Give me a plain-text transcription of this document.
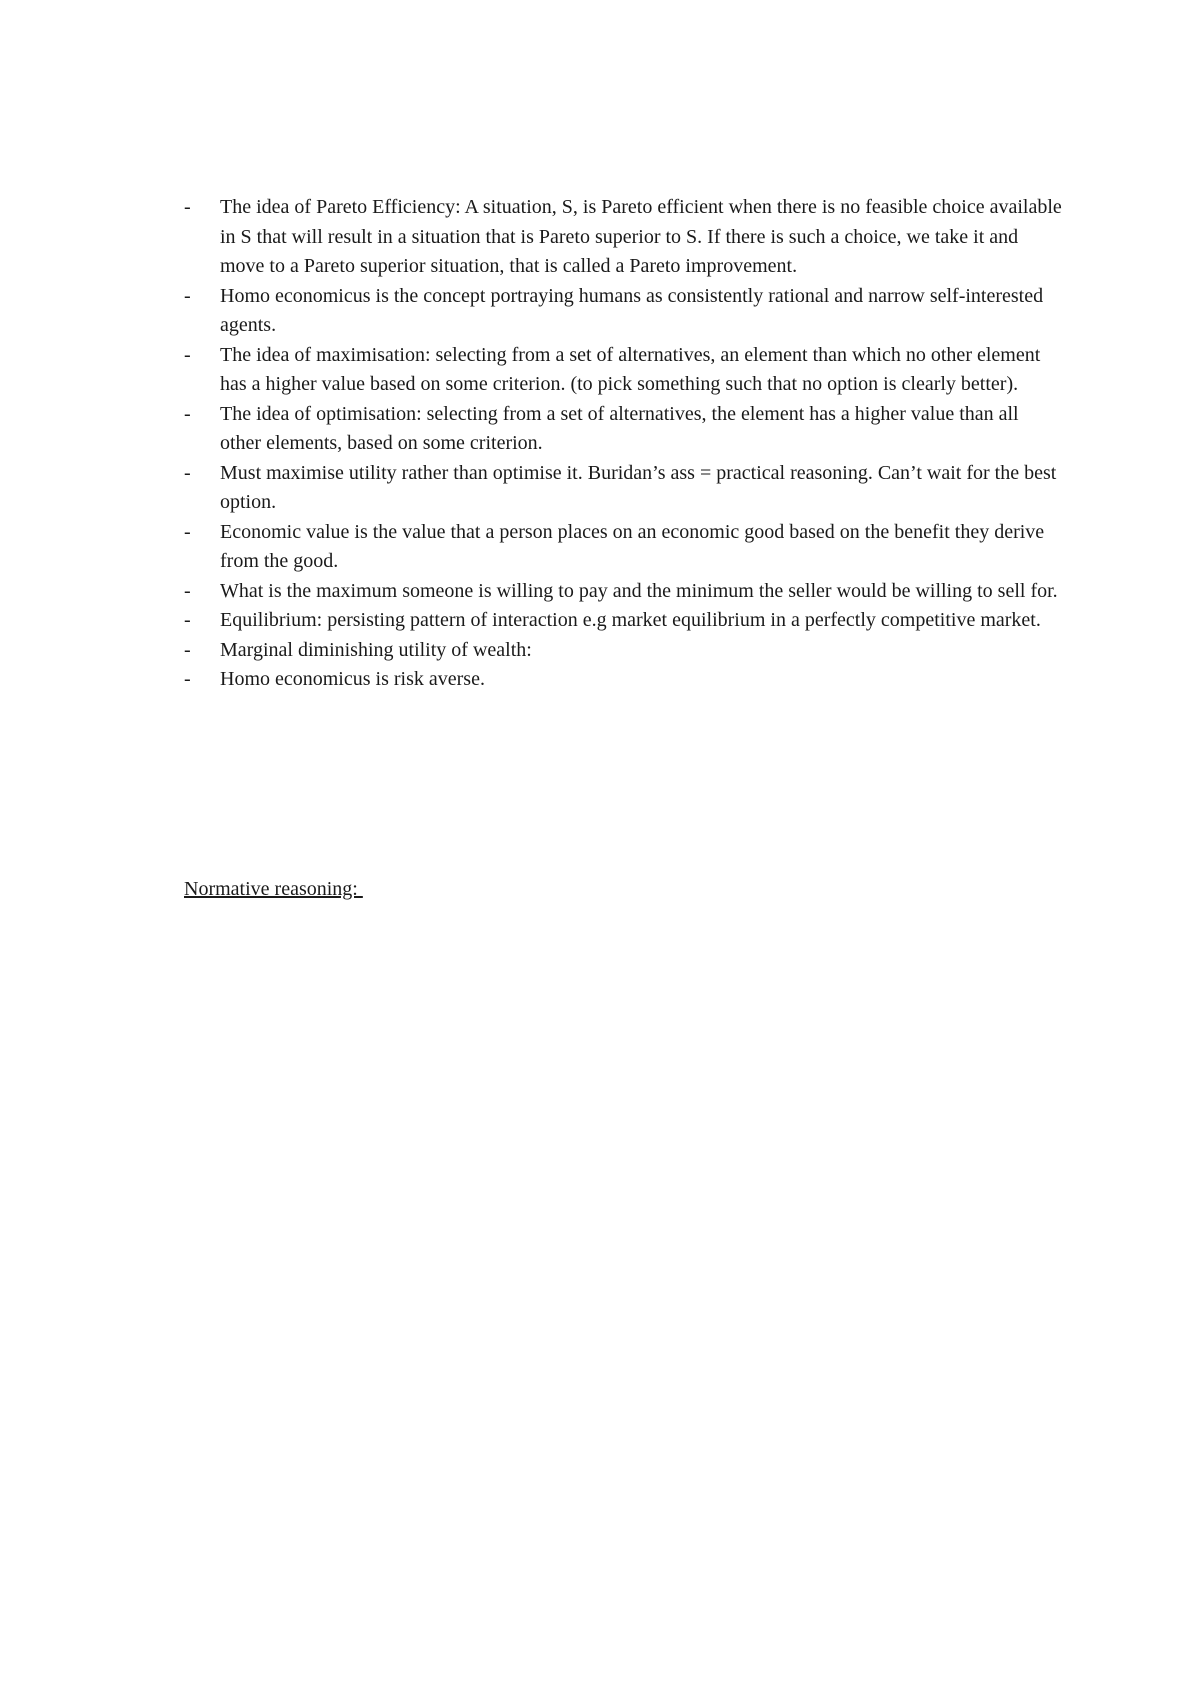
-	The idea of Pareto Efficiency: A situation, S, is Pareto efficient when there is no feasible choice available in S that will result in a situation that is Pareto superior to S. If there is such a choice, we take it and move to a Pareto superior situation, that is called a Pareto improvement.
-	Homo economicus is the concept portraying humans as consistently rational and narrow self-interested agents.
-	The idea of maximisation: selecting from a set of alternatives, an element than which no other element has a higher value based on some criterion. (to pick something such that no option is clearly better).
-	The idea of optimisation: selecting from a set of alternatives, the element has a higher value than all other elements, based on some criterion.
-	Must maximise utility rather than optimise it. Buridan’s ass = practical reasoning. Can’t wait for the best option.
-	Economic value is the value that a person places on an economic good based on the benefit they derive from the good.
-	What is the maximum someone is willing to pay and the minimum the seller would be willing to sell for.
-	Equilibrium: persisting pattern of interaction e.g market equilibrium in a perfectly competitive market.
-	Marginal diminishing utility of wealth:
-	Homo economicus is risk averse.

Normative reasoning:
